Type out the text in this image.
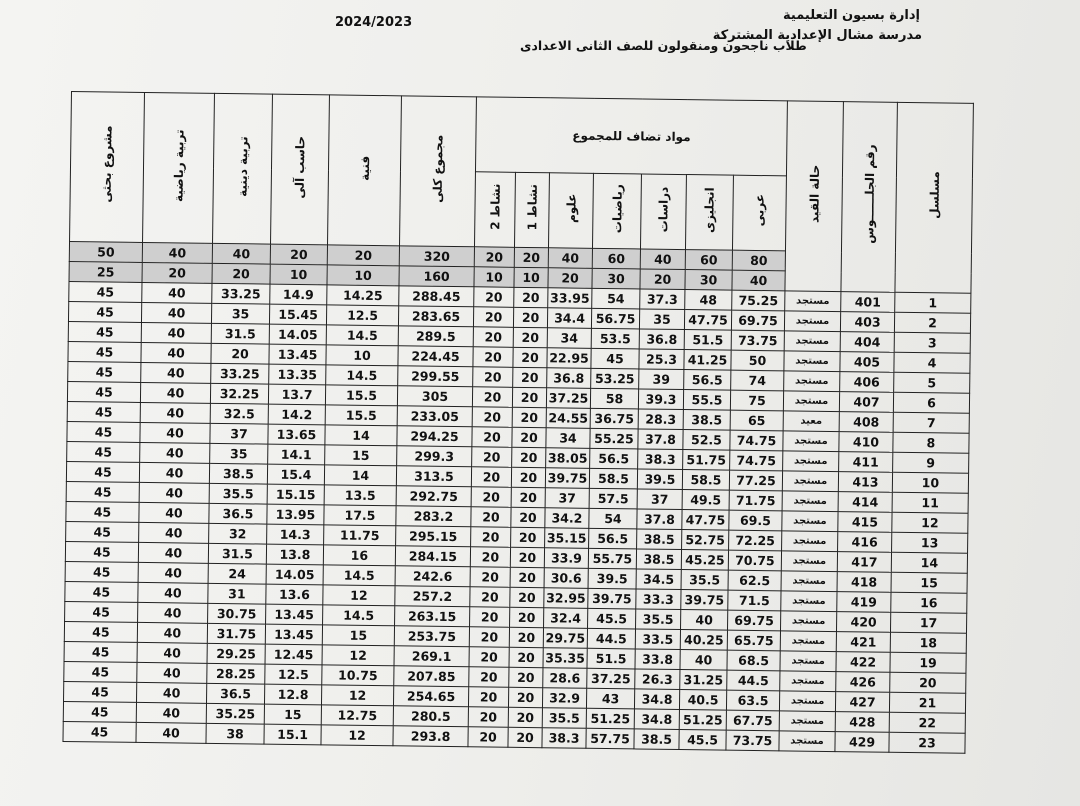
إدارة بسيون التعليمية
مدرسة مشال الإعدادية المشتركة
2024/2023
طلاب ناجحون ومنقولون للصف الثانى الاعدادى
مشروع بحثى	تربية رياضية	تربية دينية	حاسب آلى	فنية	مجموع كلى	مواد تضاف للمجموع							حالة القيد	رقم الجلــــــوس	مسلسل
						نشاط 2	نشاط 1	علوم	رياضيات	دراسات	انجليزى	عربى			
50	40	40	20	20	320	20	20	40	60	40	60	80			
25	20	20	10	10	160	10	10	20	30	20	30	40			
45	40	33.25	14.9	14.25	288.45	20	20	33.95	54	37.3	48	75.25	مستجد	401	1
45	40	35	15.45	12.5	283.65	20	20	34.4	56.75	35	47.75	69.75	مستجد	403	2
45	40	31.5	14.05	14.5	289.5	20	20	34	53.5	36.8	51.5	73.75	مستجد	404	3
45	40	20	13.45	10	224.45	20	20	22.95	45	25.3	41.25	50	مستجد	405	4
45	40	33.25	13.35	14.5	299.55	20	20	36.8	53.25	39	56.5	74	مستجد	406	5
45	40	32.25	13.7	15.5	305	20	20	37.25	58	39.3	55.5	75	مستجد	407	6
45	40	32.5	14.2	15.5	233.05	20	20	24.55	36.75	28.3	38.5	65	معيد	408	7
45	40	37	13.65	14	294.25	20	20	34	55.25	37.8	52.5	74.75	مستجد	410	8
45	40	35	14.1	15	299.3	20	20	38.05	56.5	38.3	51.75	74.75	مستجد	411	9
45	40	38.5	15.4	14	313.5	20	20	39.75	58.5	39.5	58.5	77.25	مستجد	413	10
45	40	35.5	15.15	13.5	292.75	20	20	37	57.5	37	49.5	71.75	مستجد	414	11
45	40	36.5	13.95	17.5	283.2	20	20	34.2	54	37.8	47.75	69.5	مستجد	415	12
45	40	32	14.3	11.75	295.15	20	20	35.15	56.5	38.5	52.75	72.25	مستجد	416	13
45	40	31.5	13.8	16	284.15	20	20	33.9	55.75	38.5	45.25	70.75	مستجد	417	14
45	40	24	14.05	14.5	242.6	20	20	30.6	39.5	34.5	35.5	62.5	مستجد	418	15
45	40	31	13.6	12	257.2	20	20	32.95	39.75	33.3	39.75	71.5	مستجد	419	16
45	40	30.75	13.45	14.5	263.15	20	20	32.4	45.5	35.5	40	69.75	مستجد	420	17
45	40	31.75	13.45	15	253.75	20	20	29.75	44.5	33.5	40.25	65.75	مستجد	421	18
45	40	29.25	12.45	12	269.1	20	20	35.35	51.5	33.8	40	68.5	مستجد	422	19
45	40	28.25	12.5	10.75	207.85	20	20	28.6	37.25	26.3	31.25	44.5	مستجد	426	20
45	40	36.5	12.8	12	254.65	20	20	32.9	43	34.8	40.5	63.5	مستجد	427	21
45	40	35.25	15	12.75	280.5	20	20	35.5	51.25	34.8	51.25	67.75	مستجد	428	22
45	40	38	15.1	12	293.8	20	20	38.3	57.75	38.5	45.5	73.75	مستجد	429	23
